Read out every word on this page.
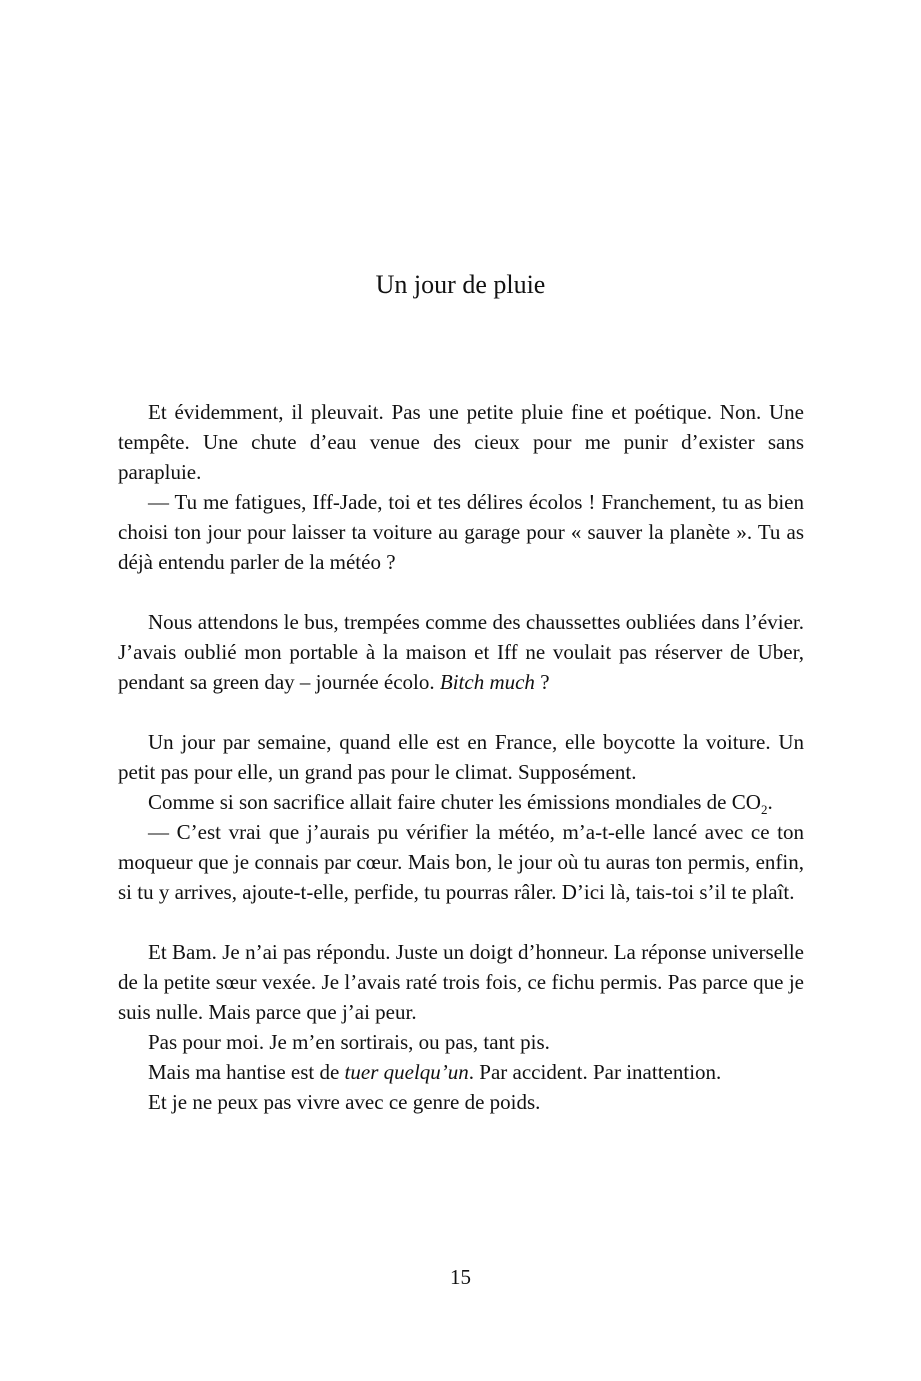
Un jour de pluie

Et évidemment, il pleuvait. Pas une petite pluie fine et poétique. Non. Une tempête. Une chute d’eau venue des cieux pour me punir d’exister sans parapluie.

— Tu me fatigues, Iff-Jade, toi et tes délires écolos ! Franchement, tu as bien choisi ton jour pour laisser ta voiture au garage pour « sauver la planète ». Tu as déjà entendu parler de la météo ?

Nous attendons le bus, trempées comme des chaussettes oubliées dans l’évier. J’avais oublié mon portable à la maison et Iff ne voulait pas réserver de Uber, pendant sa green day – journée écolo. Bitch much ?

Un jour par semaine, quand elle est en France, elle boycotte la voiture. Un petit pas pour elle, un grand pas pour le climat. Supposément.

Comme si son sacrifice allait faire chuter les émissions mondiales de $CO_2$.

— C’est vrai que j’aurais pu vérifier la météo, m’a-t-elle lancé avec ce ton moqueur que je connais par cœur. Mais bon, le jour où tu auras ton permis, enfin, si tu y arrives, ajoute-t-elle, perfide, tu pourras râler. D’ici là, tais-toi s’il te plaît.

Et Bam. Je n’ai pas répondu. Juste un doigt d’honneur. La réponse universelle de la petite sœur vexée. Je l’avais raté trois fois, ce fichu permis. Pas parce que je suis nulle. Mais parce que j’ai peur.

Pas pour moi. Je m’en sortirais, ou pas, tant pis.

Mais ma hantise est de tuer quelqu’un. Par accident. Par inattention.

Et je ne peux pas vivre avec ce genre de poids.

15
